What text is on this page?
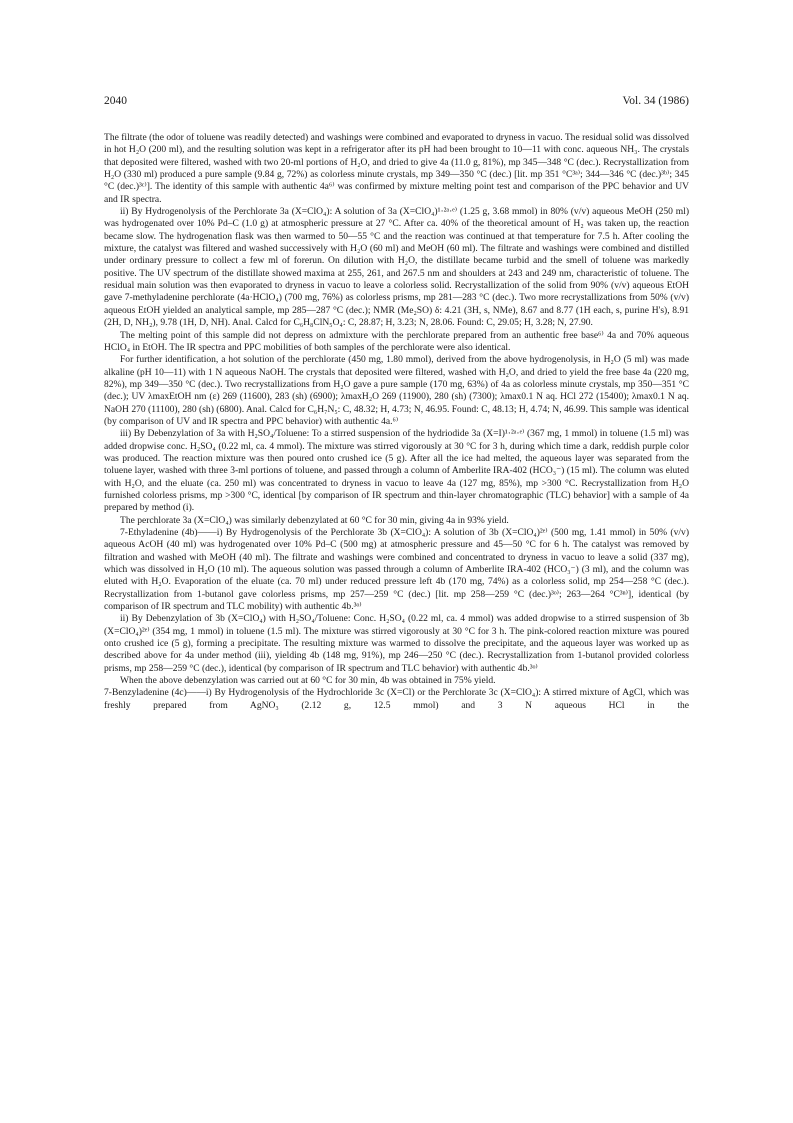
2040	Vol. 34 (1986)

The filtrate (the odor of toluene was readily detected) and washings were combined and evaporated to dryness in vacuo. The residual solid was dissolved in hot H₂O (200 ml), and the resulting solution was kept in a refrigerator after its pH had been brought to 10—11 with conc. aqueous NH₃. The crystals that deposited were filtered, washed with two 20-ml portions of H₂O, and dried to give 4a (11.0 g, 81%), mp 345—348 °C (dec.). Recrystallization from H₂O (330 ml) produced a pure sample (9.84 g, 72%) as colorless minute crystals, mp 349—350 °C (dec.) [lit. mp 351 °C³ᵃ⁾; 344—346 °C (dec.)³ᵇ⁾; 345 °C (dec.)³ᶜ⁾]. The identity of this sample with authentic 4a⁶⁾ was confirmed by mixture melting point test and comparison of the PPC behavior and UV and IR spectra.

ii) By Hydrogenolysis of the Perchlorate 3a (X=ClO₄): A solution of 3a (X=ClO₄)¹·²ᵃ·ᵉ⁾ (1.25 g, 3.68 mmol) in 80% (v/v) aqueous MeOH (250 ml) was hydrogenated over 10% Pd–C (1.0 g) at atmospheric pressure at 27 °C. After ca. 40% of the theoretical amount of H₂ was taken up, the reaction became slow. The hydrogenation flask was then warmed to 50—55 °C and the reaction was continued at that temperature for 7.5 h. After cooling the mixture, the catalyst was filtered and washed successively with H₂O (60 ml) and MeOH (60 ml). The filtrate and washings were combined and distilled under ordinary pressure to collect a few ml of forerun. On dilution with H₂O, the distillate became turbid and the smell of toluene was markedly positive. The UV spectrum of the distillate showed maxima at 255, 261, and 267.5 nm and shoulders at 243 and 249 nm, characteristic of toluene. The residual main solution was then evaporated to dryness in vacuo to leave a colorless solid. Recrystallization of the solid from 90% (v/v) aqueous EtOH gave 7-methyladenine perchlorate (4a·HClO₄) (700 mg, 76%) as colorless prisms, mp 281—283 °C (dec.). Two more recrystallizations from 50% (v/v) aqueous EtOH yielded an analytical sample, mp 285—287 °C (dec.); NMR (Me₂SO) δ: 4.21 (3H, s, NMe), 8.67 and 8.77 (1H each, s, purine H's), 8.91 (2H, D, NH₂), 9.78 (1H, D, NH). Anal. Calcd for C₆H₈ClN₅O₄: C, 28.87; H, 3.23; N, 28.06. Found: C, 29.05; H, 3.28; N, 27.90.

The melting point of this sample did not depress on admixture with the perchlorate prepared from an authentic free base⁶⁾ 4a and 70% aqueous HClO₄ in EtOH. The IR spectra and PPC mobilities of both samples of the perchlorate were also identical.

For further identification, a hot solution of the perchlorate (450 mg, 1.80 mmol), derived from the above hydrogenolysis, in H₂O (5 ml) was made alkaline (pH 10—11) with 1 N aqueous NaOH. The crystals that deposited were filtered, washed with H₂O, and dried to yield the free base 4a (220 mg, 82%), mp 349—350 °C (dec.). Two recrystallizations from H₂O gave a pure sample (170 mg, 63%) of 4a as colorless minute crystals, mp 350—351 °C (dec.); UV λmaxEtOH nm (ε) 269 (11600), 283 (sh) (6900); λmaxH₂O 269 (11900), 280 (sh) (7300); λmax0.1 N aq. HCl 272 (15400); λmax0.1 N aq. NaOH 270 (11100), 280 (sh) (6800). Anal. Calcd for C₆H₇N₅: C, 48.32; H, 4.73; N, 46.95. Found: C, 48.13; H, 4.74; N, 46.99. This sample was identical (by comparison of UV and IR spectra and PPC behavior) with authentic 4a.⁶⁾

iii) By Debenzylation of 3a with H₂SO₄/Toluene: To a stirred suspension of the hydriodide 3a (X=I)¹·²ᵃ·ᵉ⁾ (367 mg, 1 mmol) in toluene (1.5 ml) was added dropwise conc. H₂SO₄ (0.22 ml, ca. 4 mmol). The mixture was stirred vigorously at 30 °C for 3 h, during which time a dark, reddish purple color was produced. The reaction mixture was then poured onto crushed ice (5 g). After all the ice had melted, the aqueous layer was separated from the toluene layer, washed with three 3-ml portions of toluene, and passed through a column of Amberlite IRA-402 (HCO₃⁻) (15 ml). The column was eluted with H₂O, and the eluate (ca. 250 ml) was concentrated to dryness in vacuo to leave 4a (127 mg, 85%), mp >300 °C. Recrystallization from H₂O furnished colorless prisms, mp >300 °C, identical [by comparison of IR spectrum and thin-layer chromatographic (TLC) behavior] with a sample of 4a prepared by method (i).

The perchlorate 3a (X=ClO₄) was similarly debenzylated at 60 °C for 30 min, giving 4a in 93% yield.

7-Ethyladenine (4b)——i) By Hydrogenolysis of the Perchlorate 3b (X=ClO₄): A solution of 3b (X=ClO₄)²ᵉ⁾ (500 mg, 1.41 mmol) in 50% (v/v) aqueous AcOH (40 ml) was hydrogenated over 10% Pd–C (500 mg) at atmospheric pressure and 45—50 °C for 6 h. The catalyst was removed by filtration and washed with MeOH (40 ml). The filtrate and washings were combined and concentrated to dryness in vacuo to leave a solid (337 mg), which was dissolved in H₂O (10 ml). The aqueous solution was passed through a column of Amberlite IRA-402 (HCO₃⁻) (3 ml), and the column was eluted with H₂O. Evaporation of the eluate (ca. 70 ml) under reduced pressure left 4b (170 mg, 74%) as a colorless solid, mp 254—258 °C (dec.). Recrystallization from 1-butanol gave colorless prisms, mp 257—259 °C (dec.) [lit. mp 258—259 °C (dec.)³ᵒ⁾; 263—264 °C³ⁿ⁾], identical (by comparison of IR spectrum and TLC mobility) with authentic 4b.³ᵒ⁾

ii) By Debenzylation of 3b (X=ClO₄) with H₂SO₄/Toluene: Conc. H₂SO₄ (0.22 ml, ca. 4 mmol) was added dropwise to a stirred suspension of 3b (X=ClO₄)²ᵉ⁾ (354 mg, 1 mmol) in toluene (1.5 ml). The mixture was stirred vigorously at 30 °C for 3 h. The pink-colored reaction mixture was poured onto crushed ice (5 g), forming a precipitate. The resulting mixture was warmed to dissolve the precipitate, and the aqueous layer was worked up as described above for 4a under method (iii), yielding 4b (148 mg, 91%), mp 246—250 °C (dec.). Recrystallization from 1-butanol provided colorless prisms, mp 258—259 °C (dec.), identical (by comparison of IR spectrum and TLC behavior) with authentic 4b.³ᵒ⁾

When the above debenzylation was carried out at 60 °C for 30 min, 4b was obtained in 75% yield.

7-Benzyladenine (4c)——i) By Hydrogenolysis of the Hydrochloride 3c (X=Cl) or the Perchlorate 3c (X=ClO₄): A stirred mixture of AgCl, which was freshly prepared from AgNO₃ (2.12 g, 12.5 mmol) and 3 N aqueous HCl in the
